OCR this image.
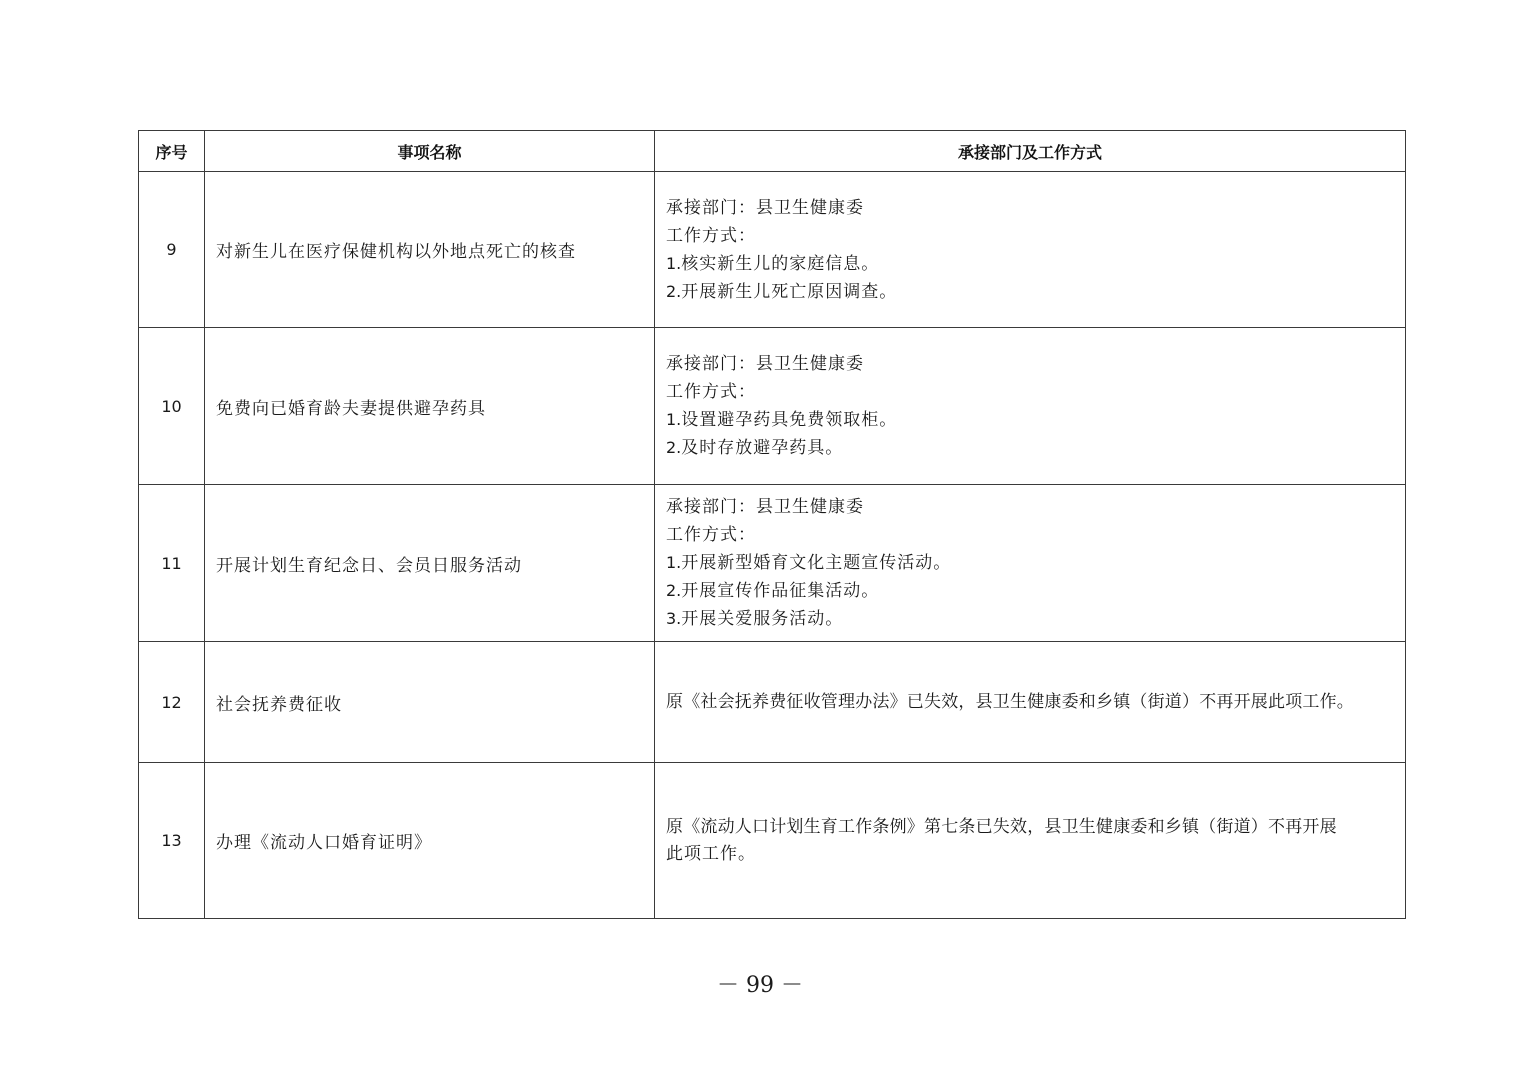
序号	事项名称	承接部门及工作方式
9	对新生儿在医疗保健机构以外地点死亡的核查	承接部门：县卫生健康委
工作方式：
1.核实新生儿的家庭信息。
2.开展新生儿死亡原因调查。

10	免费向已婚育龄夫妻提供避孕药具	承接部门：县卫生健康委
工作方式：
1.设置避孕药具免费领取柜。
2.及时存放避孕药具。

11	开展计划生育纪念日、会员日服务活动	承接部门：县卫生健康委
工作方式：
1.开展新型婚育文化主题宣传活动。
2.开展宣传作品征集活动。
3.开展关爱服务活动。

12	社会抚养费征收	原《社会抚养费征收管理办法》已失效，县卫生健康委和乡镇（街道）不再开展此项工作。

13	办理《流动人口婚育证明》	原《流动人口计划生育工作条例》第七条已失效，县卫生健康委和乡镇（街道）不再开展
此项工作。
－ 99 －
